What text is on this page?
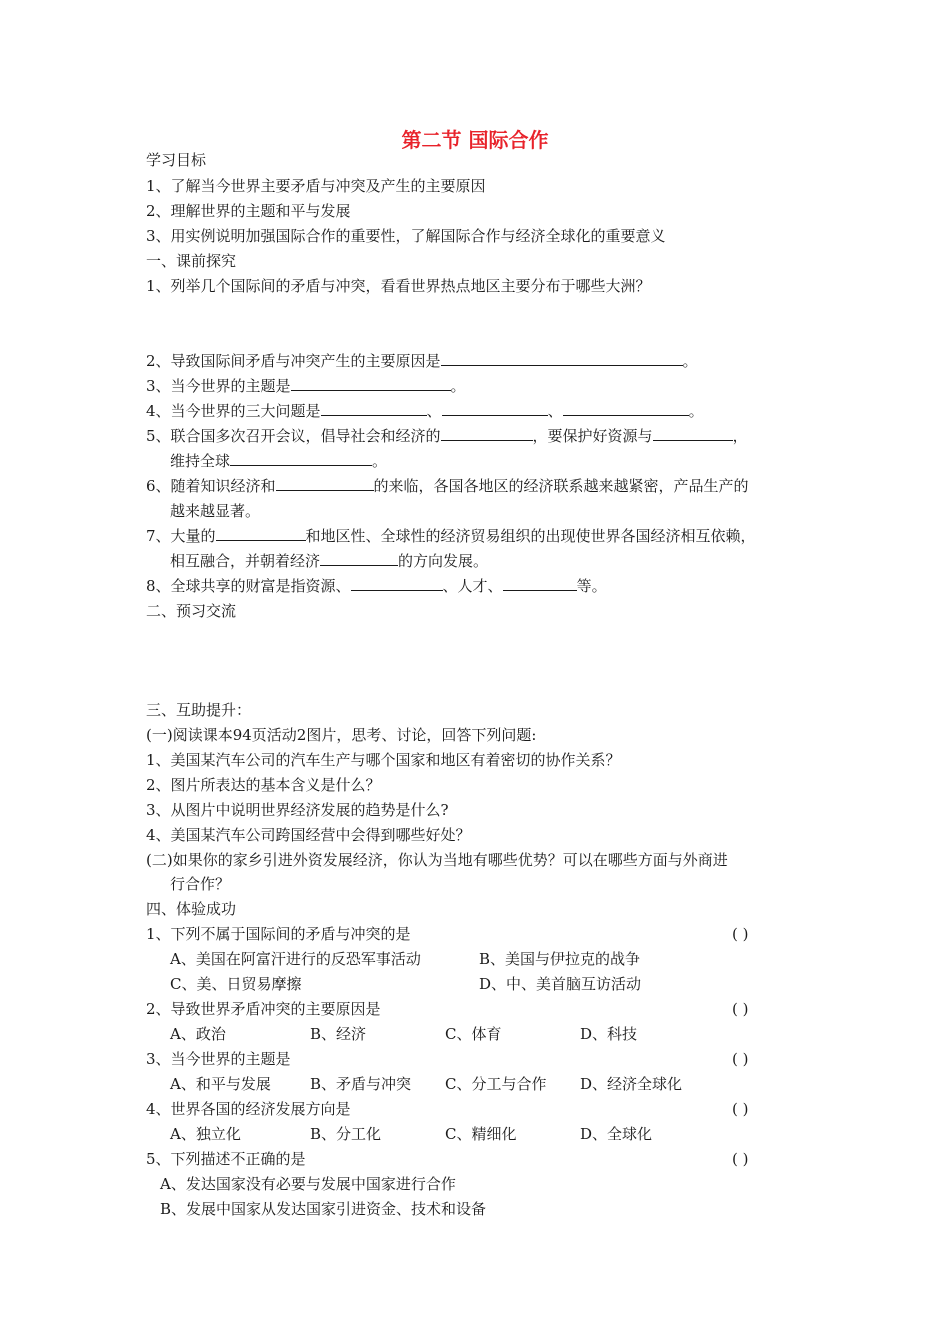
第二节 国际合作
学习目标
1、了解当今世界主要矛盾与冲突及产生的主要原因
2、理解世界的主题和平与发展
3、用实例说明加强国际合作的重要性，了解国际合作与经济全球化的重要意义
一、课前探究
1、列举几个国际间的矛盾与冲突，看看世界热点地区主要分布于哪些大洲？
2、导致国际间矛盾与冲突产生的主要原因是	。
3、当今世界的主题是	。
4、当今世界的三大问题是	、	、	。
5、联合国多次召开会议，倡导社会和经济的	，要保护好资源与	，
维持全球	。
6、随着知识经济和	的来临，各国各地区的经济联系越来越紧密，产品生产的
越来越显著。
7、大量的	和地区性、全球性的经济贸易组织的出现使世界各国经济相互依赖，
相互融合，并朝着经济	的方向发展。
8、全球共享的财富是指资源、	、人才、	等。
二、预习交流
三、互助提升：
(一)阅读课本94页活动2图片，思考、讨论，回答下列问题:
1、美国某汽车公司的汽车生产与哪个国家和地区有着密切的协作关系？
2、图片所表达的基本含义是什么？
3、从图片中说明世界经济发展的趋势是什么?
4、美国某汽车公司跨国经营中会得到哪些好处？
(二)如果你的家乡引进外资发展经济，你认为当地有哪些优势？可以在哪些方面与外商进
行合作？
四、体验成功
1、下列不属于国际间的矛盾与冲突的是	( )
A、美国在阿富汗进行的反恐军事活动	B、美国与伊拉克的战争
C、美、日贸易摩擦	D、中、美首脑互访活动
2、导致世界矛盾冲突的主要原因是	( )
A、政治	B、经济	C、体育	D、科技
3、当今世界的主题是	( )
A、和平与发展	B、矛盾与冲突 C、分工与合作 D、经济全球化
4、世界各国的经济发展方向是	( )
A、独立化	B、分工化	C、精细化	D、全球化
5、下列描述不正确的是	( )
A、发达国家没有必要与发展中国家进行合作
B、发展中国家从发达国家引进资金、技术和设备
